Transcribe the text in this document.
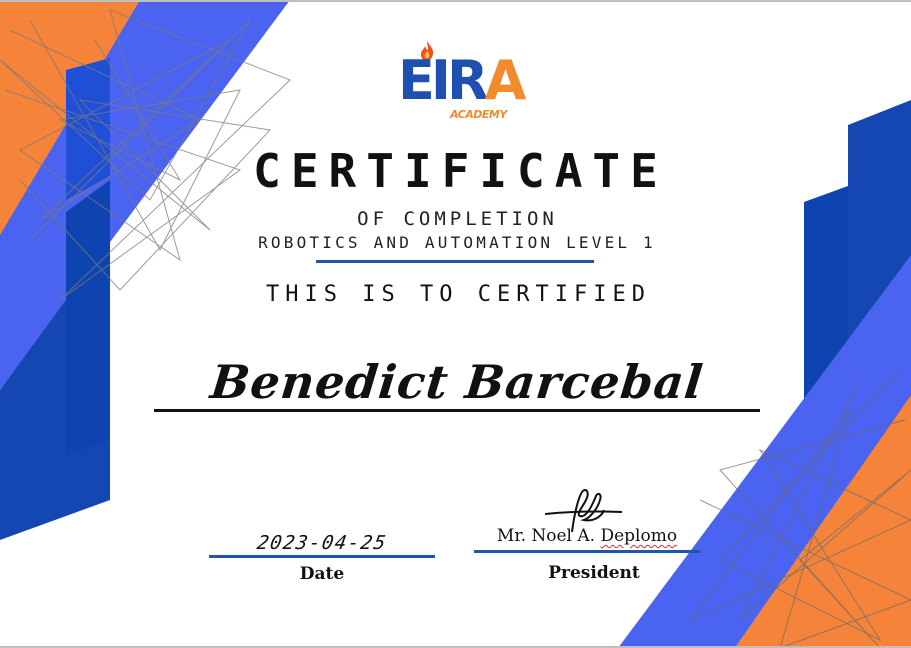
EIRA
ACADEMY
CERTIFICATE
OF COMPLETION
ROBOTICS AND AUTOMATION LEVEL 1
THIS IS TO CERTIFIED
Benedict Barcebal
2023-04-25
Date
Mr. Noel A. Deplomo
President
